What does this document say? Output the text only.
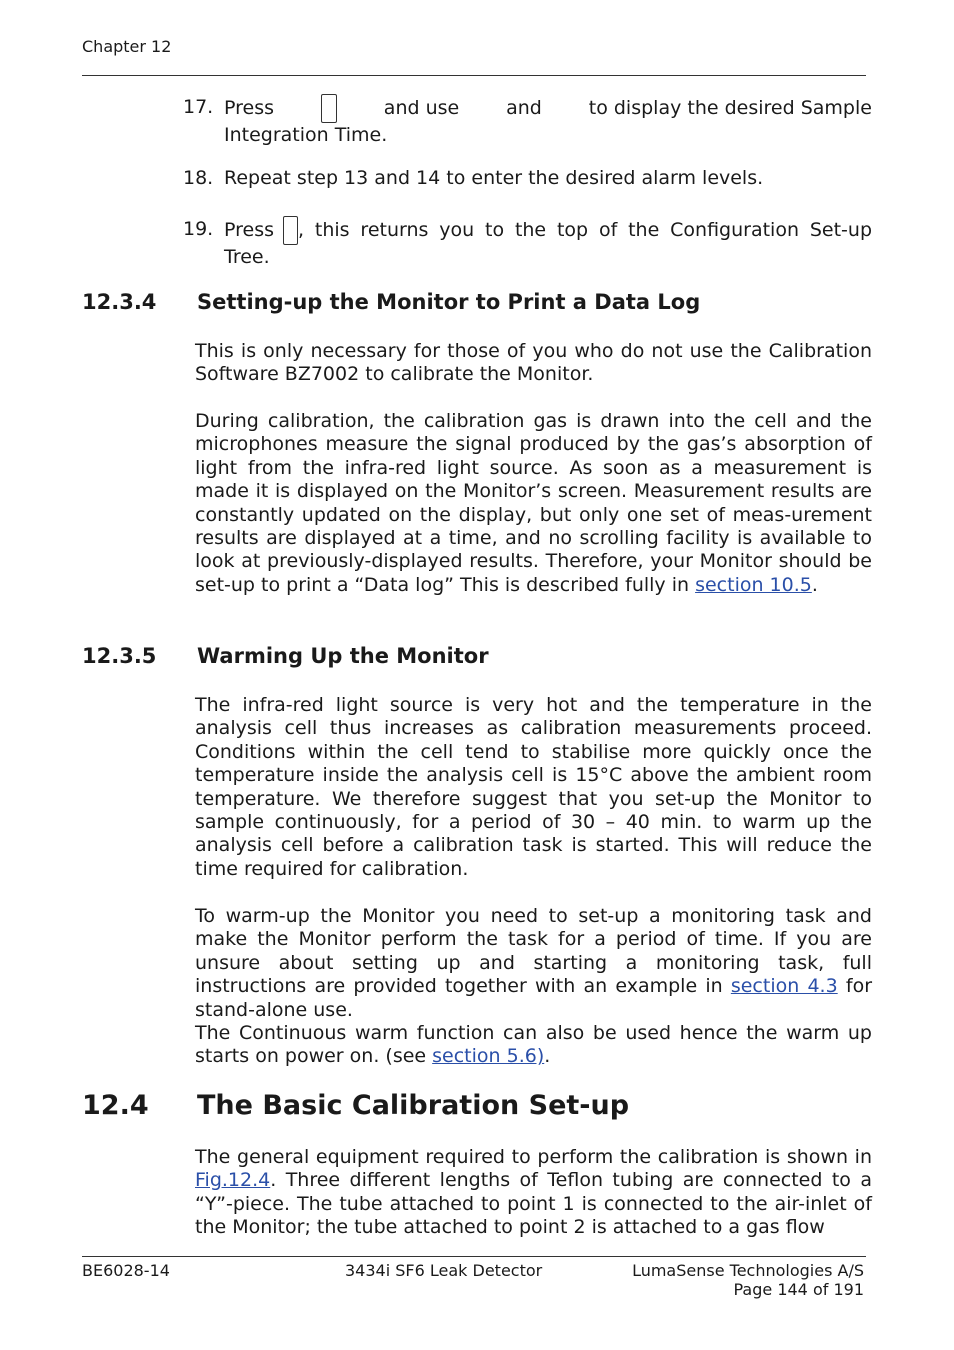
Chapter 12
17. Press	and use and to display the desired Sample
Integration Time.
18. Repeat step 13 and 14 to enter the desired alarm levels.
19. Press , this returns you to the top of the Configuration Set-up
Tree.
12.3.4 Setting-up the Monitor to Print a Data Log
This is only necessary for those of you who do not use the Calibration Software BZ7002 to calibrate the Monitor.
During calibration, the calibration gas is drawn into the cell and the microphones measure the signal produced by the gas’s absorption of light from the infra-red light source. As soon as a measurement is made it is displayed on the Monitor’s screen. Measurement results are constantly updated on the display, but only one set of meas-urement results are displayed at a time, and no scrolling facility is available to look at previously-displayed results. Therefore, your Monitor should be set-up to print a “Data log” This is described fully in section 10.5.
12.3.5 Warming Up the Monitor
The infra-red light source is very hot and the temperature in the analysis cell thus increases as calibration measurements proceed. Conditions within the cell tend to stabilise more quickly once the temperature inside the analysis cell is 15°C above the ambient room temperature. We therefore suggest that you set-up the Monitor to sample continuously, for a period of 30 – 40 min. to warm up the analysis cell before a calibration task is started. This will reduce the time required for calibration.

To warm-up the Monitor you need to set-up a monitoring task and make the Monitor perform the task for a period of time. If you are unsure about setting up and starting a monitoring task, full instructions are provided together with an example in section 4.3 for stand-alone use.

The Continuous warm function can also be used hence the warm up starts on power on. (see section 5.6).

12.4 The Basic Calibration Set-up
The general equipment required to perform the calibration is shown in Fig.12.4. Three different lengths of Teflon tubing are connected to a “Y”-piece. The tube attached to point 1 is connected to the air-inlet of the Monitor; the tube attached to point 2 is attached to a gas flow
BE6028-14	3434i SF6 Leak Detector	LumaSense Technologies A/S
Page 144 of 191
